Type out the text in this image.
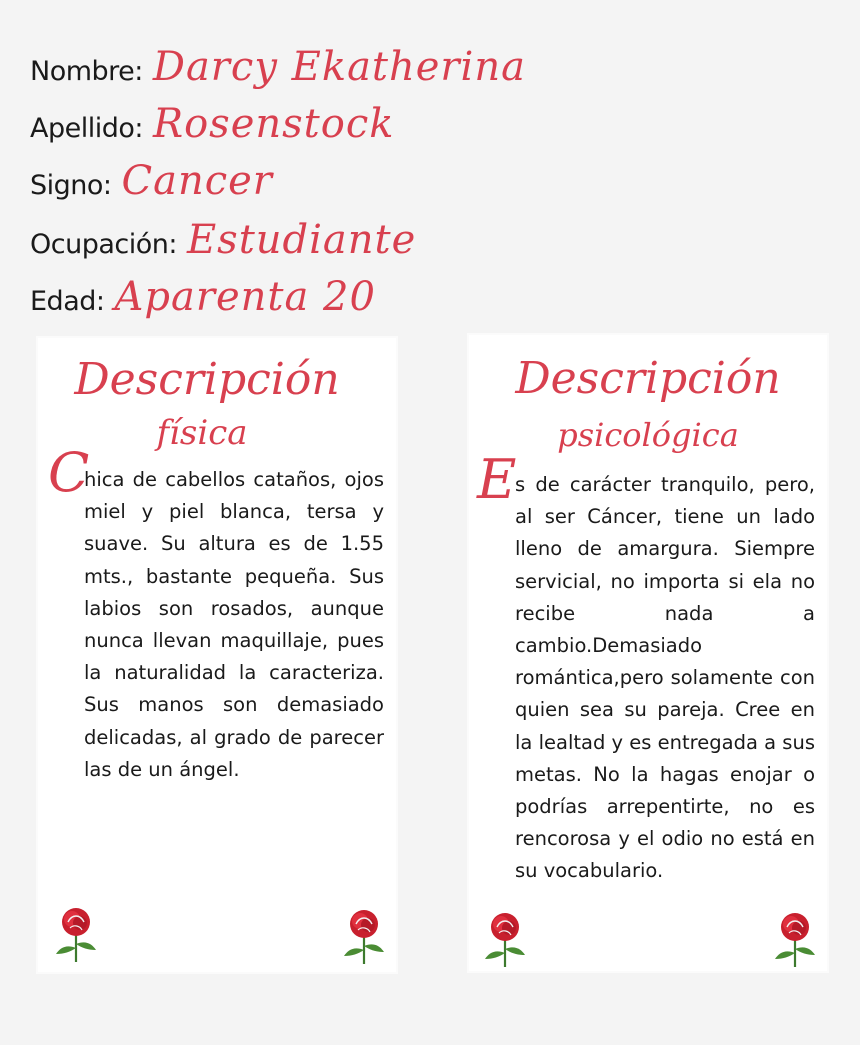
Nombre: Darcy Ekatherina
Apellido: Rosenstock
Signo: Cancer
Ocupación: Estudiante
Edad: Aparenta 20
Descripción
física
C
hica de cabellos cataños, ojos miel y piel blanca, tersa y suave. Su altura es de 1.55 mts., bastante pequeña. Sus labios son rosados, aunque nunca llevan maquillaje, pues la naturalidad la caracteriza. Sus manos son demasiado delicadas, al grado de parecer las de un ángel.
Descripción
psicológica
E
s de carácter tranquilo, pero, al ser Cáncer, tiene un lado lleno de amargura. Siempre servicial, no importa si ela no recibe nada a cambio.Demasiado romántica,pero solamente con quien sea su pareja. Cree en la lealtad y es entregada a sus metas. No la hagas enojar o podrías arrepentirte, no es rencorosa y el odio no está en su vocabulario.
